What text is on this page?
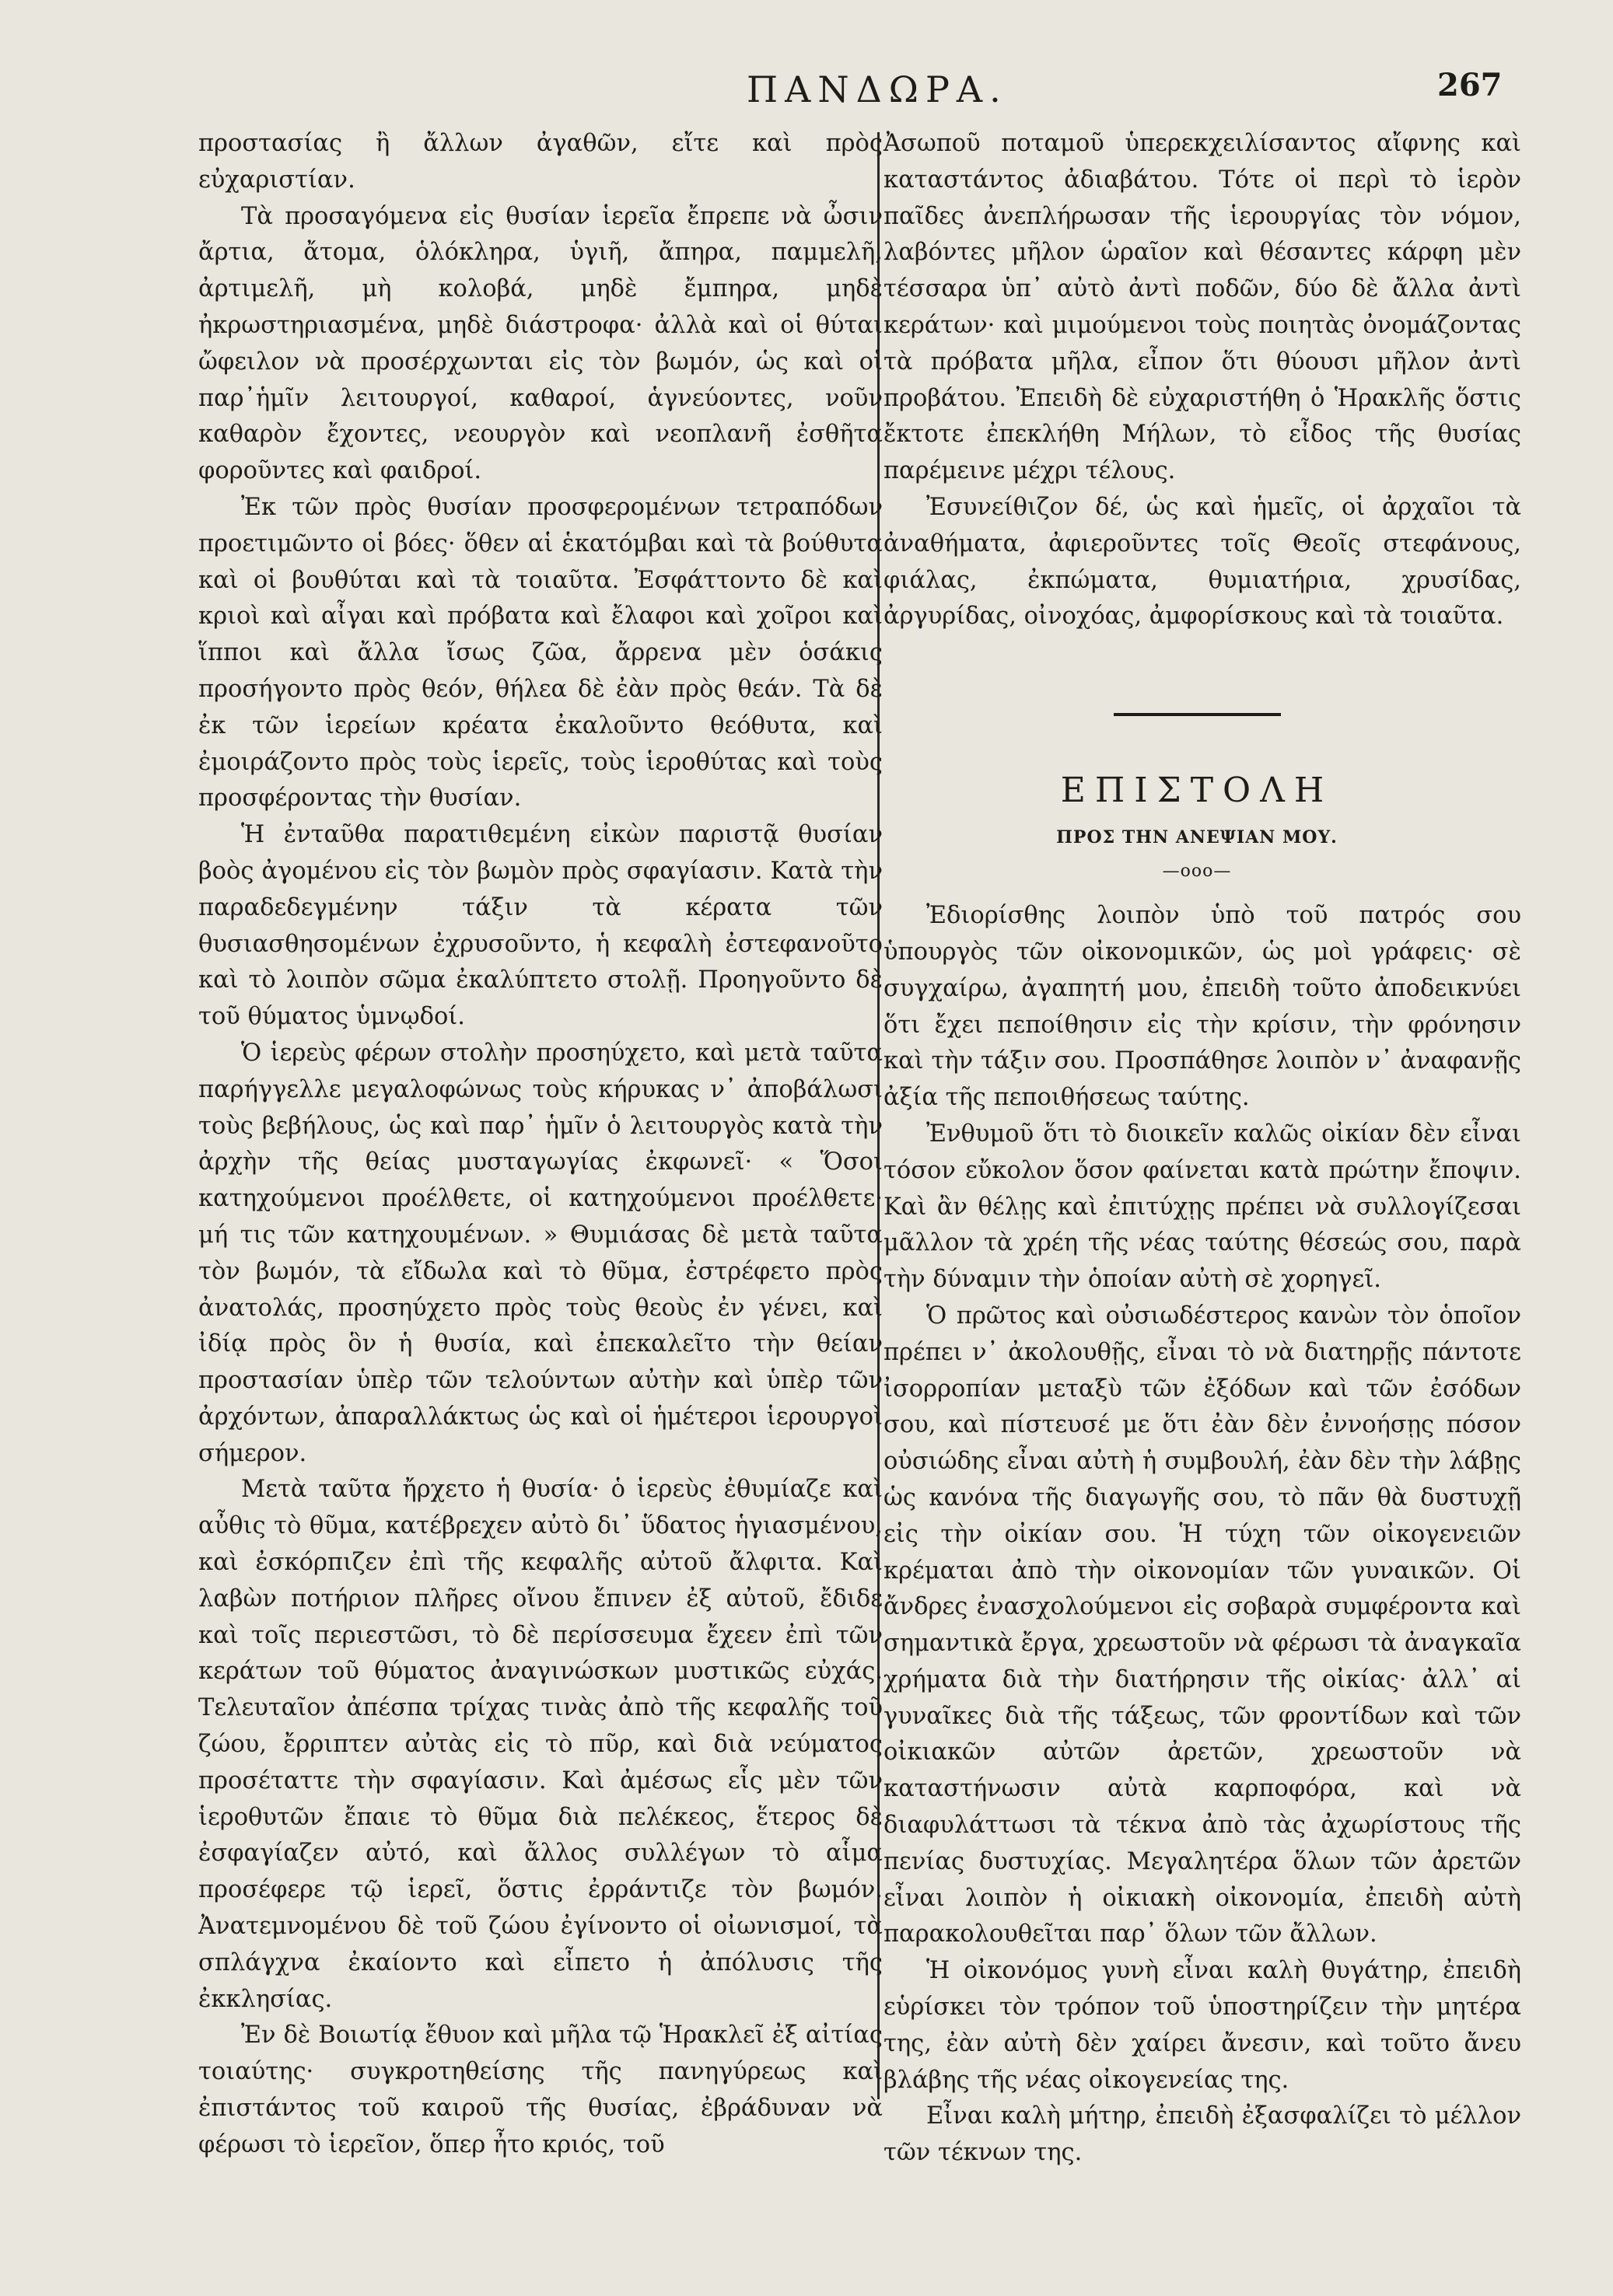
ΠΑΝΔΩΡΑ.	267

προστασίας ἢ ἄλλων ἀγαθῶν, εἴτε καὶ πρὸς εὐχαριστίαν.

Τὰ προσαγόμενα εἰς θυσίαν ἱερεῖα ἔπρεπε νὰ ὦσιν ἄρτια, ἄτομα, ὁλόκληρα, ὑγιῆ, ἄπηρα, παμμελῆ, ἀρτιμελῆ, μὴ κολοβά, μηδὲ ἔμπηρα, μηδὲ ἠκρωστηριασμένα, μηδὲ διάστροφα· ἀλλὰ καὶ οἱ θύται ὤφειλον νὰ προσέρχωνται εἰς τὸν βωμόν, ὡς καὶ οἱ παρ᾽ἡμῖν λειτουργοί, καθαροί, ἁγνεύοντες, νοῦν καθαρὸν ἔχοντες, νεουργὸν καὶ νεοπλανῆ ἐσθῆτα φοροῦντες καὶ φαιδροί.

Ἐκ τῶν πρὸς θυσίαν προσφερομένων τετραπόδων προετιμῶντο οἱ βόες· ὅθεν αἱ ἑκατόμβαι καὶ τὰ βούθυτα καὶ οἱ βουθύται καὶ τὰ τοιαῦτα. Ἐσφάττοντο δὲ καὶ κριοὶ καὶ αἶγαι καὶ πρόβατα καὶ ἔλαφοι καὶ χοῖροι καὶ ἵπποι καὶ ἄλλα ἴσως ζῶα, ἄρρενα μὲν ὁσάκις προσήγοντο πρὸς θεόν, θήλεα δὲ ἐὰν πρὸς θεάν. Τὰ δὲ ἐκ τῶν ἱερείων κρέατα ἐκαλοῦντο θεόθυτα, καὶ ἐμοιράζοντο πρὸς τοὺς ἱερεῖς, τοὺς ἱεροθύτας καὶ τοὺς προσφέροντας τὴν θυσίαν.

Ἡ ἐνταῦθα παρατιθεμένη εἰκὼν παριστᾷ θυσίαν βοὸς ἀγομένου εἰς τὸν βωμὸν πρὸς σφαγίασιν. Κατὰ τὴν παραδεδεγμένην τάξιν τὰ κέρατα τῶν θυσιασθησομένων ἐχρυσοῦντο, ἡ κεφαλὴ ἐστεφανοῦτο καὶ τὸ λοιπὸν σῶμα ἐκαλύπτετο στολῇ. Προηγοῦντο δὲ τοῦ θύματος ὑμνῳδοί.

Ὁ ἱερεὺς φέρων στολὴν προσηύχετο, καὶ μετὰ ταῦτα παρήγγελλε μεγαλοφώνως τοὺς κήρυκας ν᾽ ἀποβάλωσι τοὺς βεβήλους, ὡς καὶ παρ᾽ ἡμῖν ὁ λειτουργὸς κατὰ τὴν ἀρχὴν τῆς θείας μυσταγωγίας ἐκφωνεῖ· « Ὅσοι κατηχούμενοι προέλθετε, οἱ κατηχούμενοι προέλθετε· μή τις τῶν κατηχουμένων. » Θυμιάσας δὲ μετὰ ταῦτα τὸν βωμόν, τὰ εἴδωλα καὶ τὸ θῦμα, ἐστρέφετο πρὸς ἀνατολάς, προσηύχετο πρὸς τοὺς θεοὺς ἐν γένει, καὶ ἰδίᾳ πρὸς ὃν ἡ θυσία, καὶ ἐπεκαλεῖτο τὴν θείαν προστασίαν ὑπὲρ τῶν τελούντων αὐτὴν καὶ ὑπὲρ τῶν ἀρχόντων, ἀπαραλλάκτως ὡς καὶ οἱ ἡμέτεροι ἱερουργοὶ σήμερον.

Μετὰ ταῦτα ἤρχετο ἡ θυσία· ὁ ἱερεὺς ἐθυμίαζε καὶ αὖθις τὸ θῦμα, κατέβρεχεν αὐτὸ δι᾽ ὕδατος ἡγιασμένου, καὶ ἐσκόρπιζεν ἐπὶ τῆς κεφαλῆς αὐτοῦ ἄλφιτα. Καὶ λαβὼν ποτήριον πλῆρες οἴνου ἔπινεν ἐξ αὐτοῦ, ἔδιδε καὶ τοῖς περιεστῶσι, τὸ δὲ περίσσευμα ἔχεεν ἐπὶ τῶν κεράτων τοῦ θύματος ἀναγινώσκων μυστικῶς εὐχάς. Τελευταῖον ἀπέσπα τρίχας τινὰς ἀπὸ τῆς κεφαλῆς τοῦ ζώου, ἔρριπτεν αὐτὰς εἰς τὸ πῦρ, καὶ διὰ νεύματος προσέταττε τὴν σφαγίασιν. Καὶ ἀμέσως εἷς μὲν τῶν ἱεροθυτῶν ἔπαιε τὸ θῦμα διὰ πελέκεος, ἕτερος δὲ ἐσφαγίαζεν αὐτό, καὶ ἄλλος συλλέγων τὸ αἷμα προσέφερε τῷ ἱερεῖ, ὅστις ἐρράντιζε τὸν βωμόν. Ἀνατεμνομένου δὲ τοῦ ζώου ἐγίνοντο οἱ οἰωνισμοί, τὰ σπλάγχνα ἐκαίοντο καὶ εἶπετο ἡ ἀπόλυσις τῆς ἐκκλησίας.

Ἐν δὲ Βοιωτίᾳ ἔθυον καὶ μῆλα τῷ Ἡρακλεῖ ἐξ αἰτίας τοιαύτης· συγκροτηθείσης τῆς πανηγύρεως καὶ ἐπιστάντος τοῦ καιροῦ τῆς θυσίας, ἐβράδυναν νὰ φέρωσι τὸ ἱερεῖον, ὅπερ ἦτο κριός, τοῦ

Ἀσωποῦ ποταμοῦ ὑπερεκχειλίσαντος αἴφνης καὶ καταστάντος ἀδιαβάτου. Τότε οἱ περὶ τὸ ἱερὸν παῖδες ἀνεπλήρωσαν τῆς ἱερουργίας τὸν νόμον, λαβόντες μῆλον ὡραῖον καὶ θέσαντες κάρφη μὲν τέσσαρα ὑπ᾽ αὐτὸ ἀντὶ ποδῶν, δύο δὲ ἄλλα ἀντὶ κεράτων· καὶ μιμούμενοι τοὺς ποιητὰς ὀνομάζοντας τὰ πρόβατα μῆλα, εἶπον ὅτι θύουσι μῆλον ἀντὶ προβάτου. Ἐπειδὴ δὲ εὐχαριστήθη ὁ Ἡρακλῆς ὅστις ἔκτοτε ἐπεκλήθη Μήλων, τὸ εἶδος τῆς θυσίας παρέμεινε μέχρι τέλους.

Ἐσυνείθιζον δέ, ὡς καὶ ἡμεῖς, οἱ ἀρχαῖοι τὰ ἀναθήματα, ἀφιεροῦντες τοῖς Θεοῖς στεφάνους, φιάλας, ἐκπώματα, θυμιατήρια, χρυσίδας, ἀργυρίδας, οἰνοχόας, ἀμφορίσκους καὶ τὰ τοιαῦτα.

ΕΠΙΣΤΟΛΗ
ΠΡΟΣ ΤΗΝ ΑΝΕΨΙΑΝ ΜΟΥ.
—οοο—

Ἐδιορίσθης λοιπὸν ὑπὸ τοῦ πατρός σου ὑπουργὸς τῶν οἰκονομικῶν, ὡς μοὶ γράφεις· σὲ συγχαίρω, ἀγαπητή μου, ἐπειδὴ τοῦτο ἀποδεικνύει ὅτι ἔχει πεποίθησιν εἰς τὴν κρίσιν, τὴν φρόνησιν καὶ τὴν τάξιν σου. Προσπάθησε λοιπὸν ν᾽ ἀναφανῇς ἀξία τῆς πεποιθήσεως ταύτης.

Ἐνθυμοῦ ὅτι τὸ διοικεῖν καλῶς οἰκίαν δὲν εἶναι τόσον εὔκολον ὅσον φαίνεται κατὰ πρώτην ἔποψιν. Καὶ ἂν θέλῃς καὶ ἐπιτύχῃς πρέπει νὰ συλλογίζεσαι μᾶλλον τὰ χρέη τῆς νέας ταύτης θέσεώς σου, παρὰ τὴν δύναμιν τὴν ὁποίαν αὐτὴ σὲ χορηγεῖ.

Ὁ πρῶτος καὶ οὐσιωδέστερος κανὼν τὸν ὁποῖον πρέπει ν᾽ ἀκολουθῇς, εἶναι τὸ νὰ διατηρῇς πάντοτε ἰσορροπίαν μεταξὺ τῶν ἐξόδων καὶ τῶν ἐσόδων σου, καὶ πίστευσέ με ὅτι ἐὰν δὲν ἐννοήσῃς πόσον οὐσιώδης εἶναι αὐτὴ ἡ συμβουλή, ἐὰν δὲν τὴν λάβῃς ὡς κανόνα τῆς διαγωγῆς σου, τὸ πᾶν θὰ δυστυχῇ εἰς τὴν οἰκίαν σου. Ἡ τύχη τῶν οἰκογενειῶν κρέμαται ἀπὸ τὴν οἰκονομίαν τῶν γυναικῶν. Οἱ ἄνδρες ἐνασχολούμενοι εἰς σοβαρὰ συμφέροντα καὶ σημαντικὰ ἔργα, χρεωστοῦν νὰ φέρωσι τὰ ἀναγκαῖα χρήματα διὰ τὴν διατήρησιν τῆς οἰκίας· ἀλλ᾽ αἱ γυναῖκες διὰ τῆς τάξεως, τῶν φροντίδων καὶ τῶν οἰκιακῶν αὐτῶν ἀρετῶν, χρεωστοῦν νὰ καταστήνωσιν αὐτὰ καρποφόρα, καὶ νὰ διαφυλάττωσι τὰ τέκνα ἀπὸ τὰς ἀχωρίστους τῆς πενίας δυστυχίας. Μεγαλητέρα ὅλων τῶν ἀρετῶν εἶναι λοιπὸν ἡ οἰκιακὴ οἰκονομία, ἐπειδὴ αὐτὴ παρακολουθεῖται παρ᾽ ὅλων τῶν ἄλλων.

Ἡ οἰκονόμος γυνὴ εἶναι καλὴ θυγάτηρ, ἐπειδὴ εὑρίσκει τὸν τρόπον τοῦ ὑποστηρίζειν τὴν μητέρα της, ἐὰν αὐτὴ δὲν χαίρει ἄνεσιν, καὶ τοῦτο ἄνευ βλάβης τῆς νέας οἰκογενείας της.

Εἶναι καλὴ μήτηρ, ἐπειδὴ ἐξασφαλίζει τὸ μέλλον τῶν τέκνων της.
